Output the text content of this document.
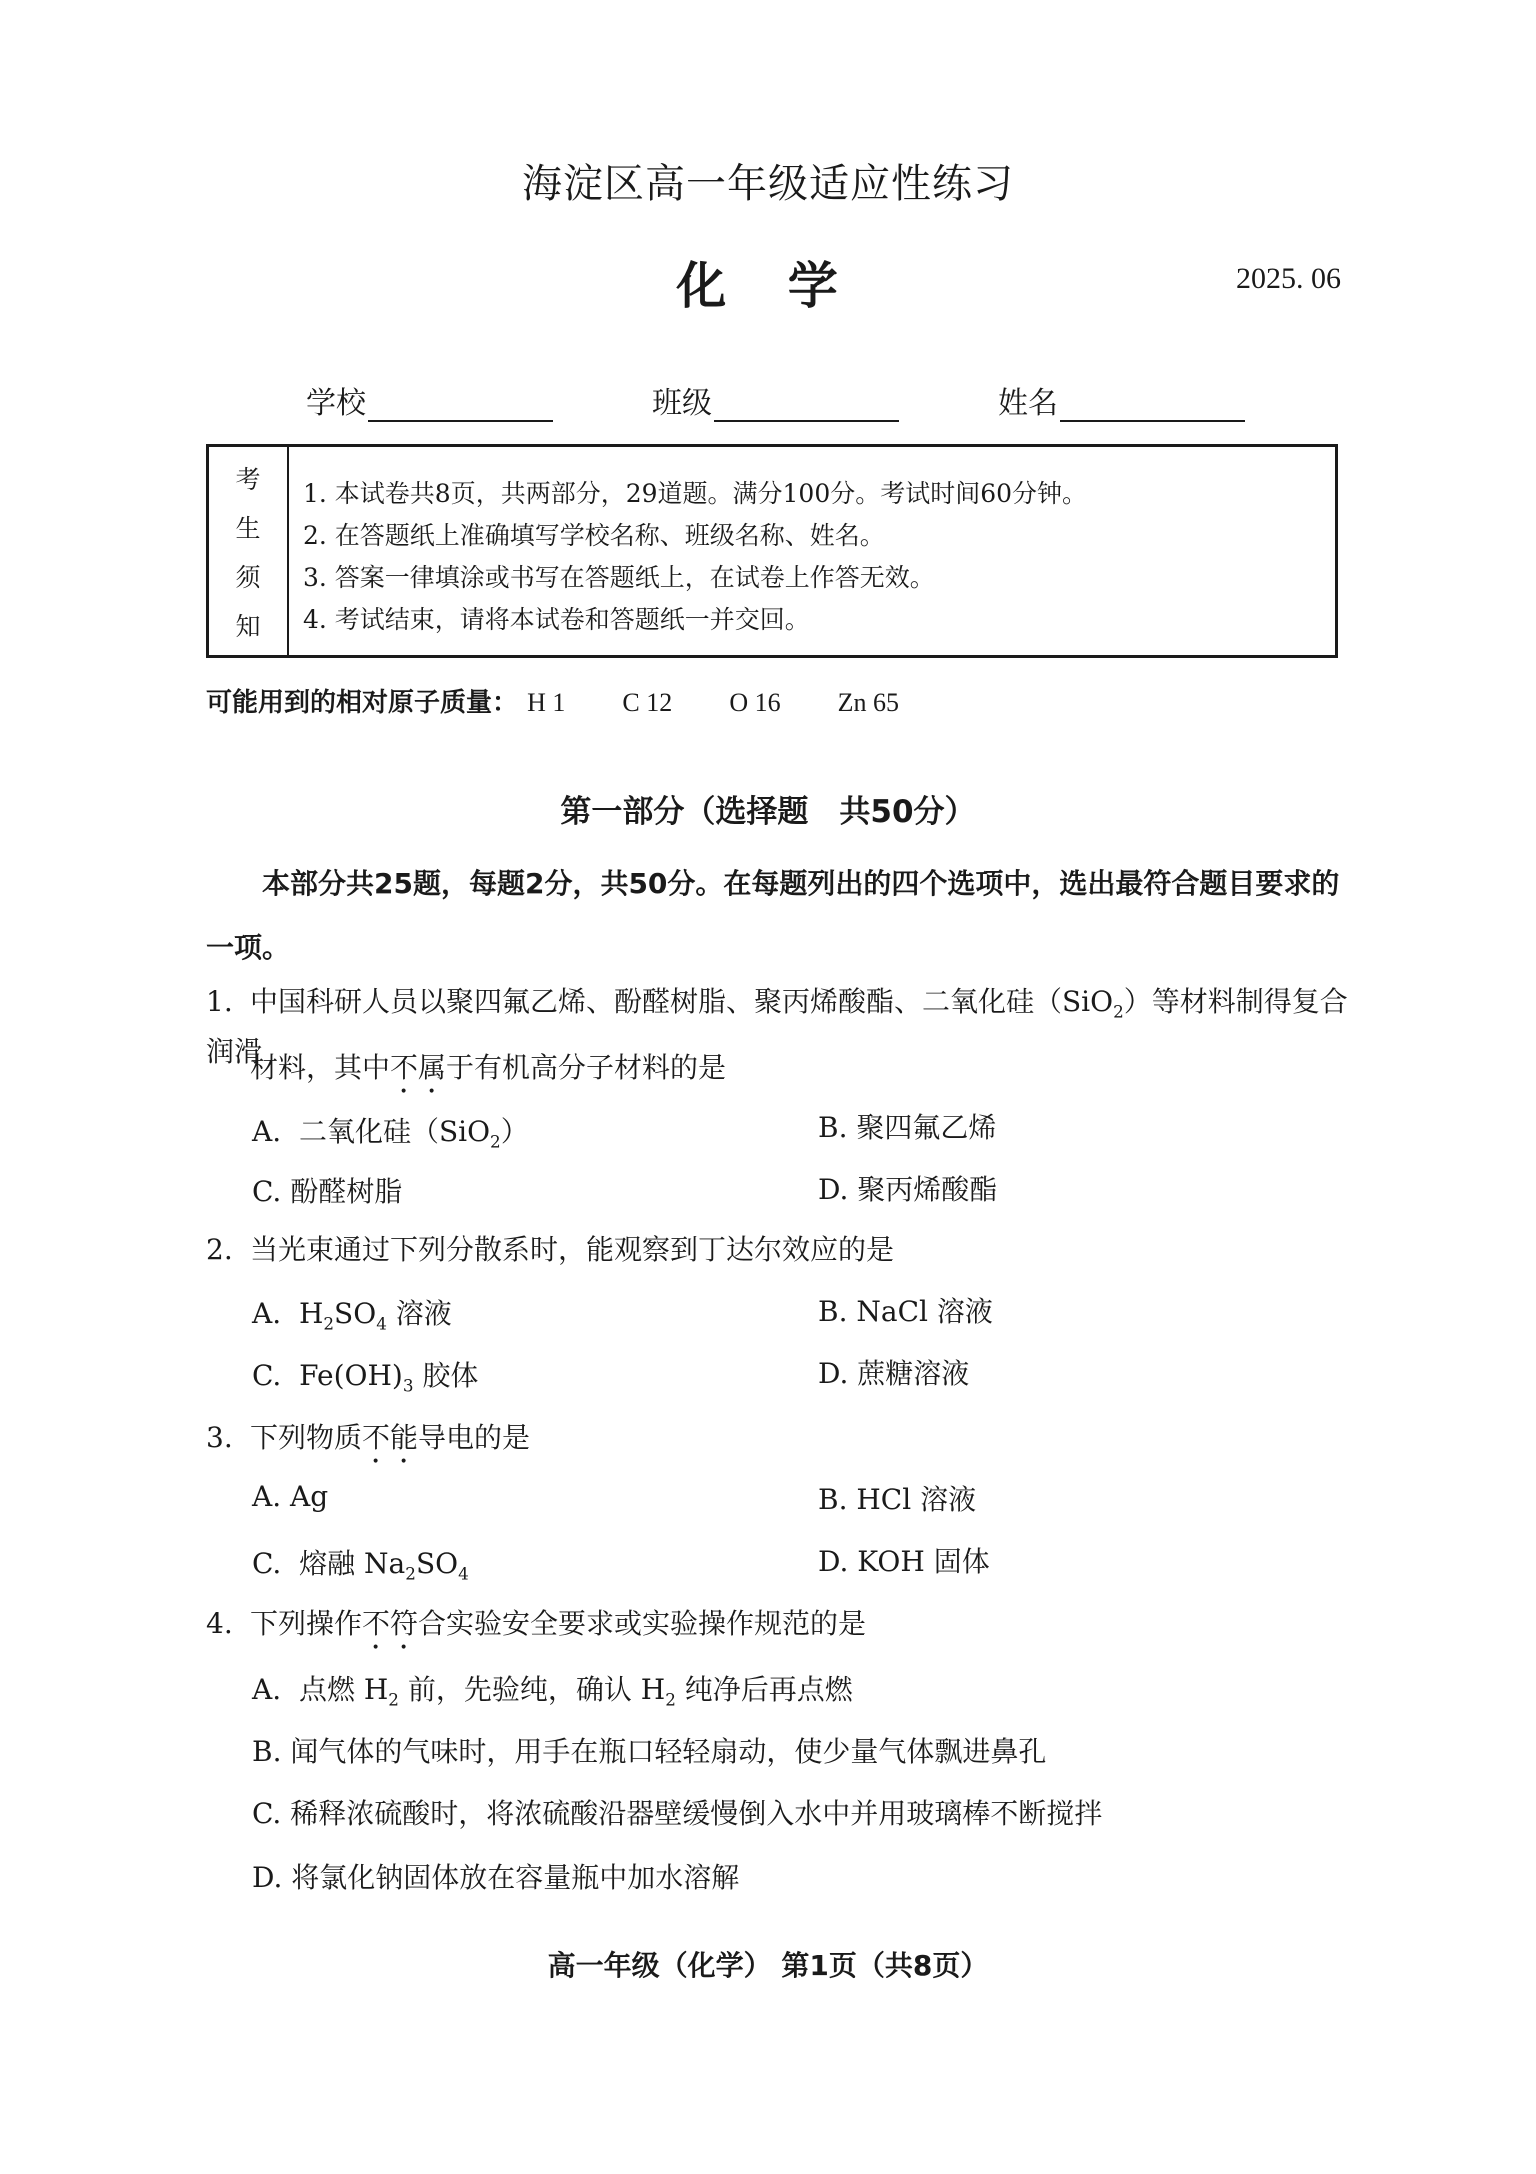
海淀区高一年级适应性练习
化 学	2025. 06
学校	班级	姓名
考
生
须
知
1. 本试卷共8页，共两部分，29道题。满分100分。考试时间60分钟。
2. 在答题纸上准确填写学校名称、班级名称、姓名。
3. 答案一律填涂或书写在答题纸上，在试卷上作答无效。
4. 考试结束，请将本试卷和答题纸一并交回。
可能用到的相对原子质量： H 1 C 12 O 16 Zn 65
第一部分（选择题　共50分）
本部分共25题，每题2分，共50分。在每题列出的四个选项中，选出最符合题目要求的一项。
1. 中国科研人员以聚四氟乙烯、酚醛树脂、聚丙烯酸酯、二氧化硅（SiO$_2$）等材料制得复合润滑
材料，其中不属于有机高分子材料的是
A. 二氧化硅（SiO$_2$）	B. 聚四氟乙烯
C. 酚醛树脂	D. 聚丙烯酸酯
2. 当光束通过下列分散系时，能观察到丁达尔效应的是
A. $H_2SO_4$ 溶液	B. NaCl 溶液
C. $Fe(OH)_3$ 胶体	D. 蔗糖溶液
3. 下列物质不能导电的是
A. Ag	B. HCl 溶液
C. 熔融 $Na_2SO_4$	D. KOH 固体
4. 下列操作不符合实验安全要求或实验操作规范的是
A. 点燃 $H_2$ 前，先验纯，确认 $H_2$ 纯净后再点燃
B. 闻气体的气味时，用手在瓶口轻轻扇动，使少量气体飘进鼻孔
C. 稀释浓硫酸时，将浓硫酸沿器壁缓慢倒入水中并用玻璃棒不断搅拌
D. 将氯化钠固体放在容量瓶中加水溶解
高一年级（化学） 第1页（共8页）
